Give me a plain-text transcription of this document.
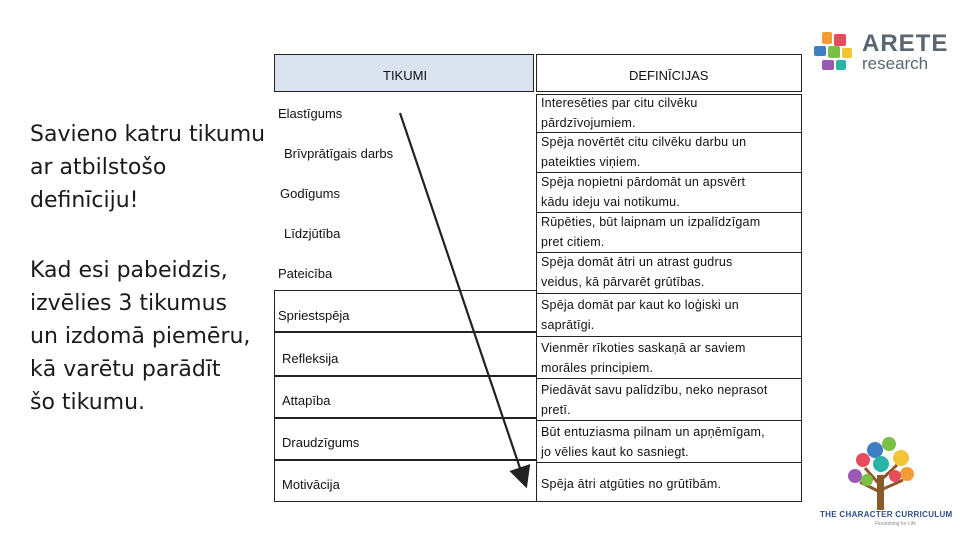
Savieno katru tikumu
ar atbilstošo
definīciju!
Kad esi pabeidzis,
izvēlies 3 tikumus
un izdomā piemēru,
kā varētu parādīt
šo tikumu.
TIKUMI	DEFINĪCIJAS
Elastīgums
Brīvprātīgais darbs
Godīgums
Līdzjūtība
Pateicība
Spriestspēja
Refleksija
Attapība
Draudzīgums
Motivācija
Interesēties par citu cilvēku
pārdzīvojumiem.
Spēja novērtēt citu cilvēku darbu un
pateikties viņiem.
Spēja nopietni pārdomāt un apsvērt
kādu ideju vai notikumu.
Rūpēties, būt laipnam un izpalīdzīgam
pret citiem.
Spēja domāt ātri un atrast gudrus
veidus, kā pārvarēt grūtības.
Spēja domāt par kaut ko loģiski un
saprātīgi.
Vienmēr rīkoties saskaņā ar saviem
morāles principiem.
Piedāvāt savu palīdzību, neko neprasot
pretī.
Būt entuziasma pilnam un apņēmīgam,
jo vēlies kaut ko sasniegt.
Spēja ātri atgūties no grūtībām.
ARETE
research
THE CHARACTER CURRICULUM
Flourishing for Life
